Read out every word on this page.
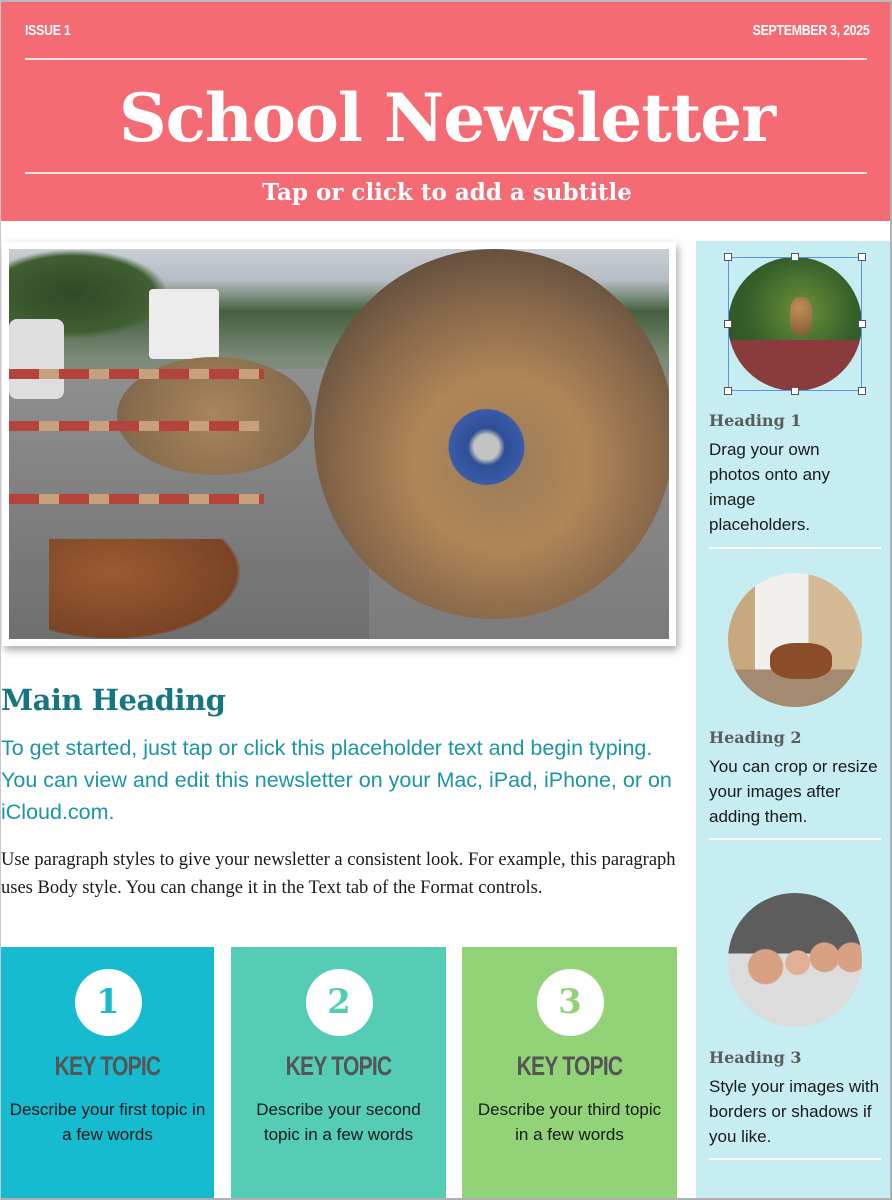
ISSUE 1	SEPTEMBER 3, 2025
School Newsletter
Tap or click to add a subtitle
Main Heading
To get started, just tap or click this placeholder text and begin typing. You can view and edit this newsletter on your Mac, iPad, iPhone, or on iCloud.com.
Use paragraph styles to give your newsletter a consistent look. For example, this paragraph uses Body style. You can change it in the Text tab of the Format controls.
1
KEY TOPIC
Describe your first topic in a few words
2
KEY TOPIC
Describe your second topic in a few words
3
KEY TOPIC
Describe your third topic in a few words
Heading 1
Drag your own photos onto any image placeholders.
Heading 2
You can crop or resize your images after adding them.
Heading 3
Style your images with borders or shadows if you like.
